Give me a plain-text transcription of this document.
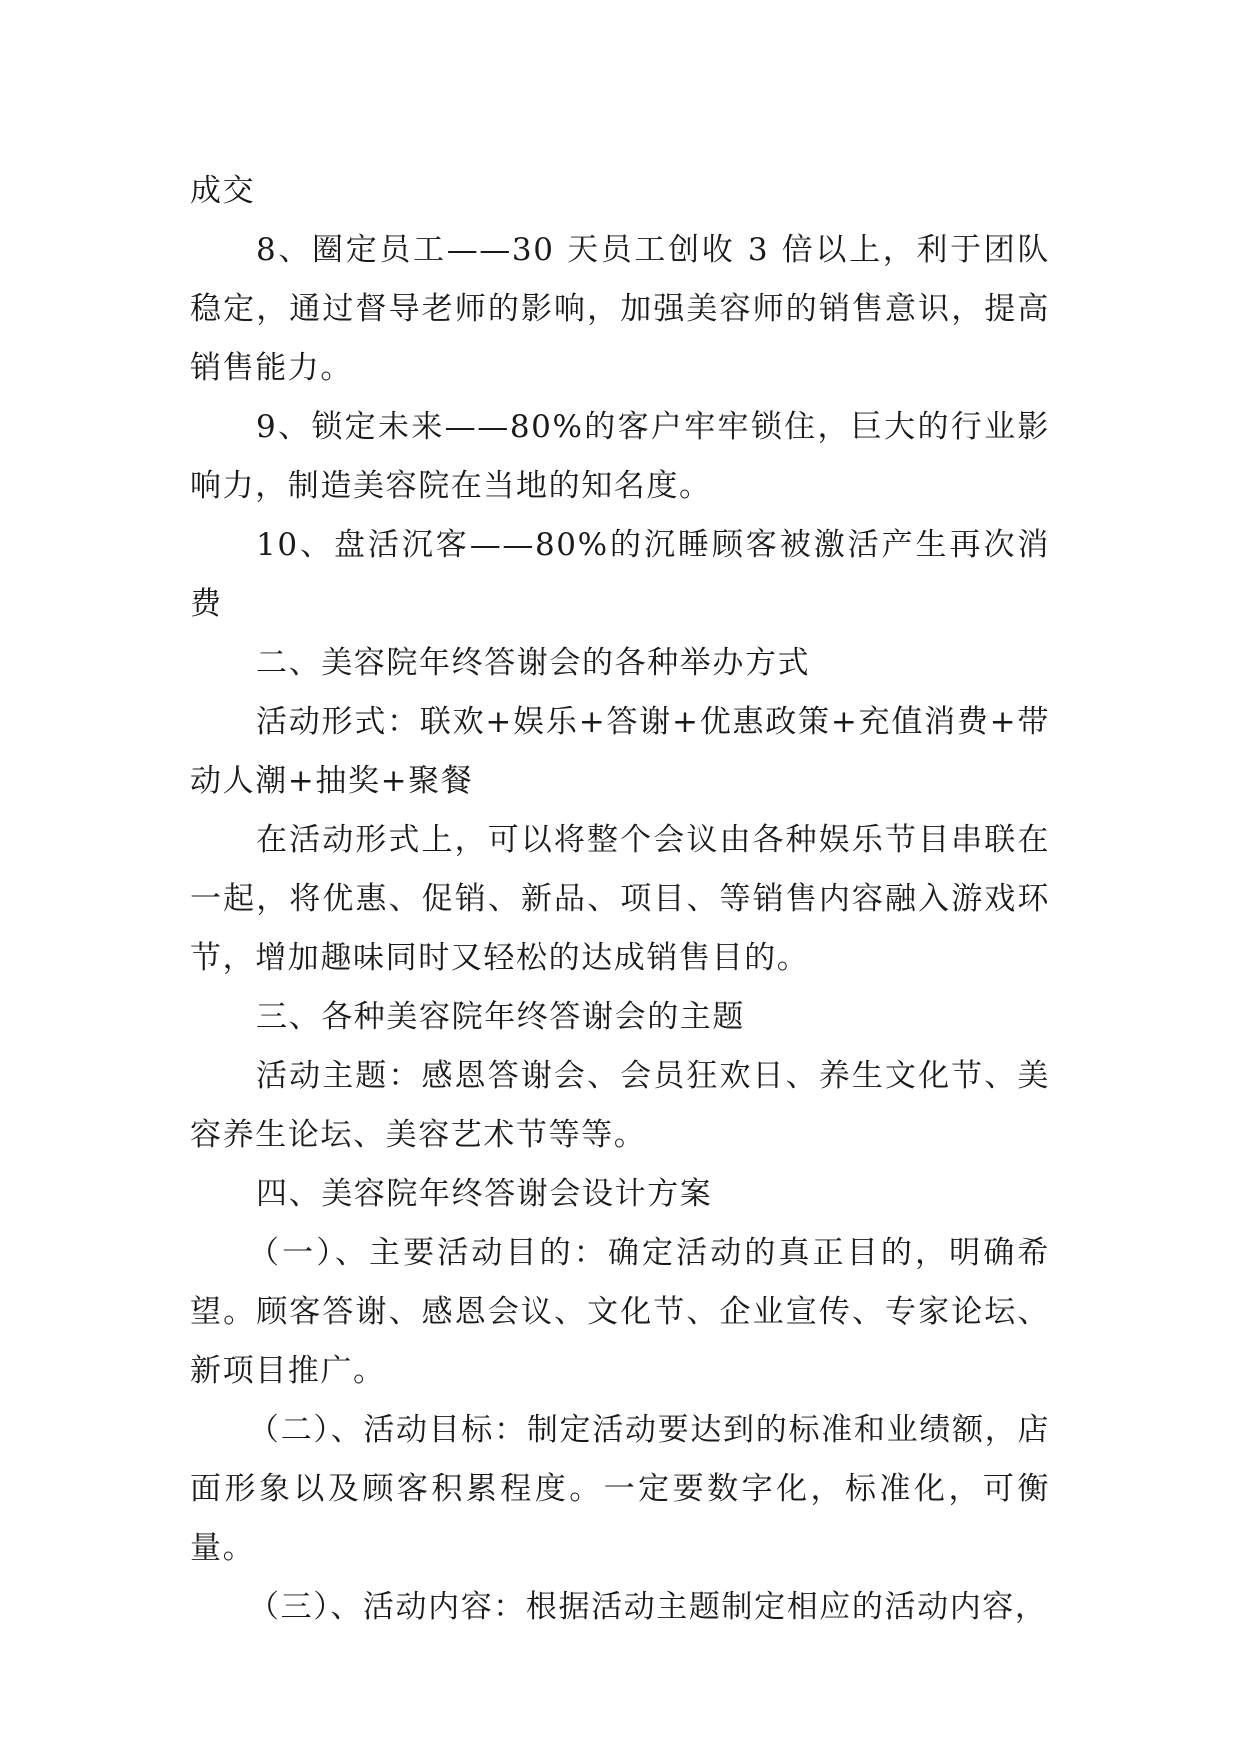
成交

8、圈定员工——30 天员工创收 3 倍以上，利于团队稳定，通过督导老师的影响，加强美容师的销售意识，提高销售能力。

9、锁定未来——80%的客户牢牢锁住，巨大的行业影响力，制造美容院在当地的知名度。

10、盘活沉客——80%的沉睡顾客被激活产生再次消费

二、美容院年终答谢会的各种举办方式

活动形式：联欢+娱乐+答谢+优惠政策+充值消费+带动人潮+抽奖+聚餐

在活动形式上，可以将整个会议由各种娱乐节目串联在一起，将优惠、促销、新品、项目、等销售内容融入游戏环节，增加趣味同时又轻松的达成销售目的。

三、各种美容院年终答谢会的主题

活动主题：感恩答谢会、会员狂欢日、养生文化节、美容养生论坛、美容艺术节等等。

四、美容院年终答谢会设计方案

（一）、主要活动目的：确定活动的真正目的，明确希望。顾客答谢、感恩会议、文化节、企业宣传、专家论坛、新项目推广。

（二）、活动目标：制定活动要达到的标准和业绩额，店面形象以及顾客积累程度。一定要数字化，标准化，可衡量。

（三）、活动内容：根据活动主题制定相应的活动内容，
